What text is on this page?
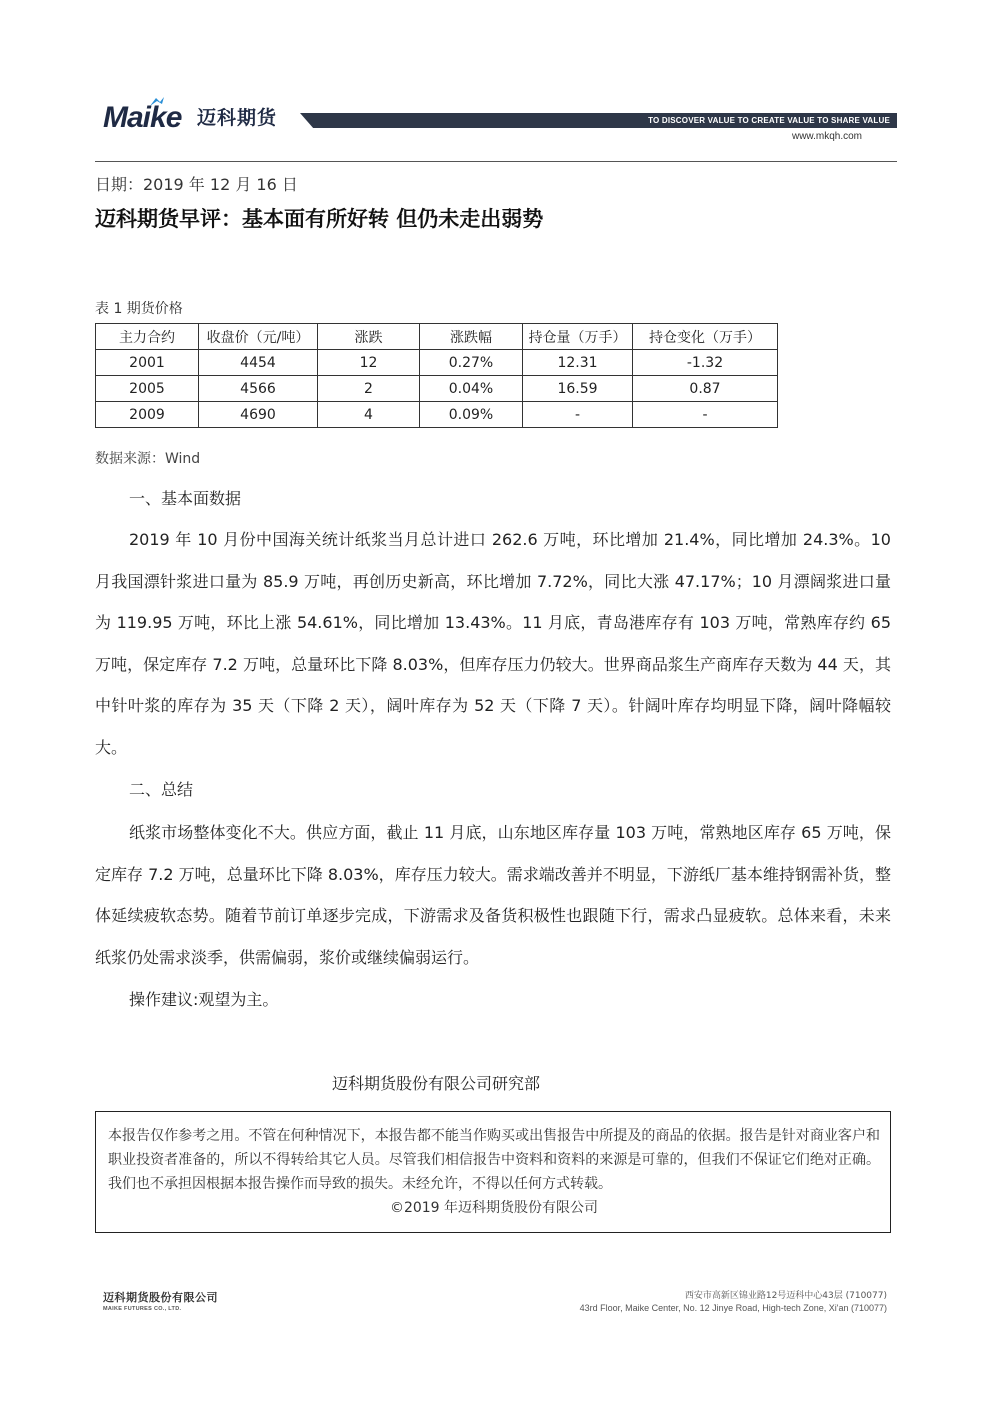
Maike 迈科期货	TO DISCOVER VALUE TO CREATE VALUE TO SHARE VALUE
www.mkqh.com
日期：2019 年 12 月 16 日
迈科期货早评：基本面有所好转 但仍未走出弱势
表 1 期货价格
主力合约	收盘价（元/吨）	涨跌	涨跌幅	持仓量（万手）	持仓变化（万手）
2001	4454	12	0.27%	12.31	-1.32
2005	4566	2	0.04%	16.59	0.87
2009	4690	4	0.09%	-	-
数据来源：Wind
一、基本面数据

2019 年 10 月份中国海关统计纸浆当月总计进口 262.6 万吨，环比增加 21.4%，同比增加 24.3%。10 月我国漂针浆进口量为 85.9 万吨，再创历史新高，环比增加 7.72%，同比大涨 47.17%；10 月漂阔浆进口量为 119.95 万吨，环比上涨 54.61%，同比增加 13.43%。11 月底，青岛港库存有 103 万吨，常熟库存约 65 万吨，保定库存 7.2 万吨，总量环比下降 8.03%，但库存压力仍较大。世界商品浆生产商库存天数为 44 天，其中针叶浆的库存为 35 天（下降 2 天），阔叶库存为 52 天（下降 7 天）。针阔叶库存均明显下降，阔叶降幅较大。

二、总结

纸浆市场整体变化不大。供应方面，截止 11 月底，山东地区库存量 103 万吨，常熟地区库存 65 万吨，保定库存 7.2 万吨，总量环比下降 8.03%，库存压力较大。需求端改善并不明显，下游纸厂基本维持钢需补货，整体延续疲软态势。随着节前订单逐步完成，下游需求及备货积极性也跟随下行，需求凸显疲软。总体来看，未来纸浆仍处需求淡季，供需偏弱，浆价或继续偏弱运行。

操作建议:观望为主。
迈科期货股份有限公司研究部

本报告仅作参考之用。不管在何种情况下，本报告都不能当作购买或出售报告中所提及的商品的依据。报告是针对商业客户和职业投资者准备的，所以不得转给其它人员。尽管我们相信报告中资料和资料的来源是可靠的，但我们不保证它们绝对正确。我们也不承担因根据本报告操作而导致的损失。未经允许，不得以任何方式转载。

©2019 年迈科期货股份有限公司

迈科期货股份有限公司
MAIKE FUTURES CO., LTD.
西安市高新区锦业路12号迈科中心43层 (710077)
43rd Floor, Maike Center, No. 12 Jinye Road, High-tech Zone, Xi'an (710077)
